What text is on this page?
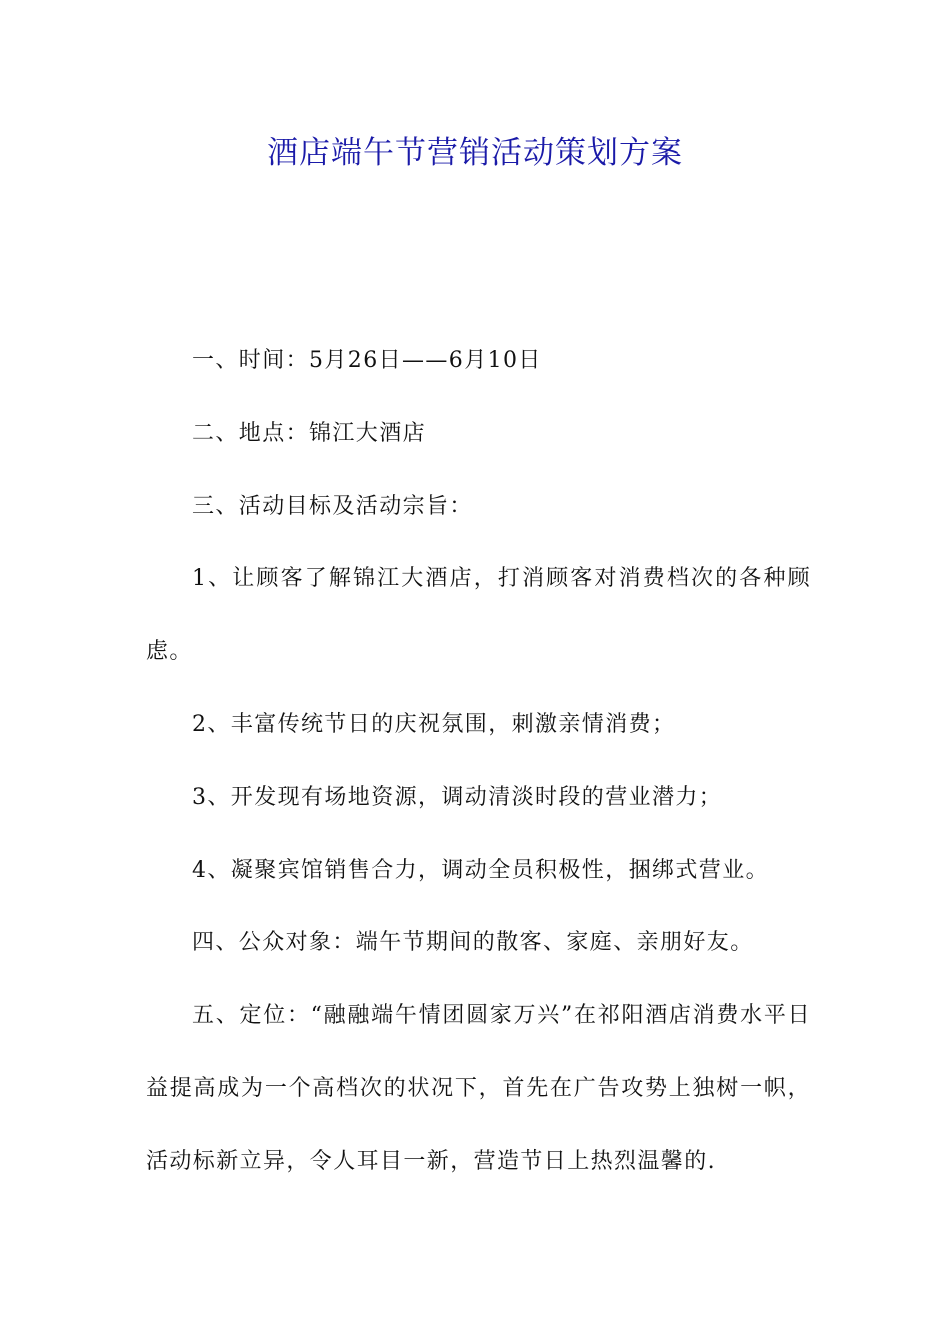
酒店端午节营销活动策划方案

一、时间：5月26日——6月10日

二、地点：锦江大酒店

三、活动目标及活动宗旨：

1、让顾客了解锦江大酒店，打消顾客对消费档次的各种顾虑。

2、丰富传统节日的庆祝氛围，刺激亲情消费；

3、开发现有场地资源，调动清淡时段的营业潜力；

4、凝聚宾馆销售合力，调动全员积极性，捆绑式营业。

四、公众对象：端午节期间的散客、家庭、亲朋好友。

五、定位：“融融端午情团圆家万兴”在祁阳酒店消费水平日益提高成为一个高档次的状况下，首先在广告攻势上独树一帜，活动标新立异，令人耳目一新，营造节日上热烈温馨的.
